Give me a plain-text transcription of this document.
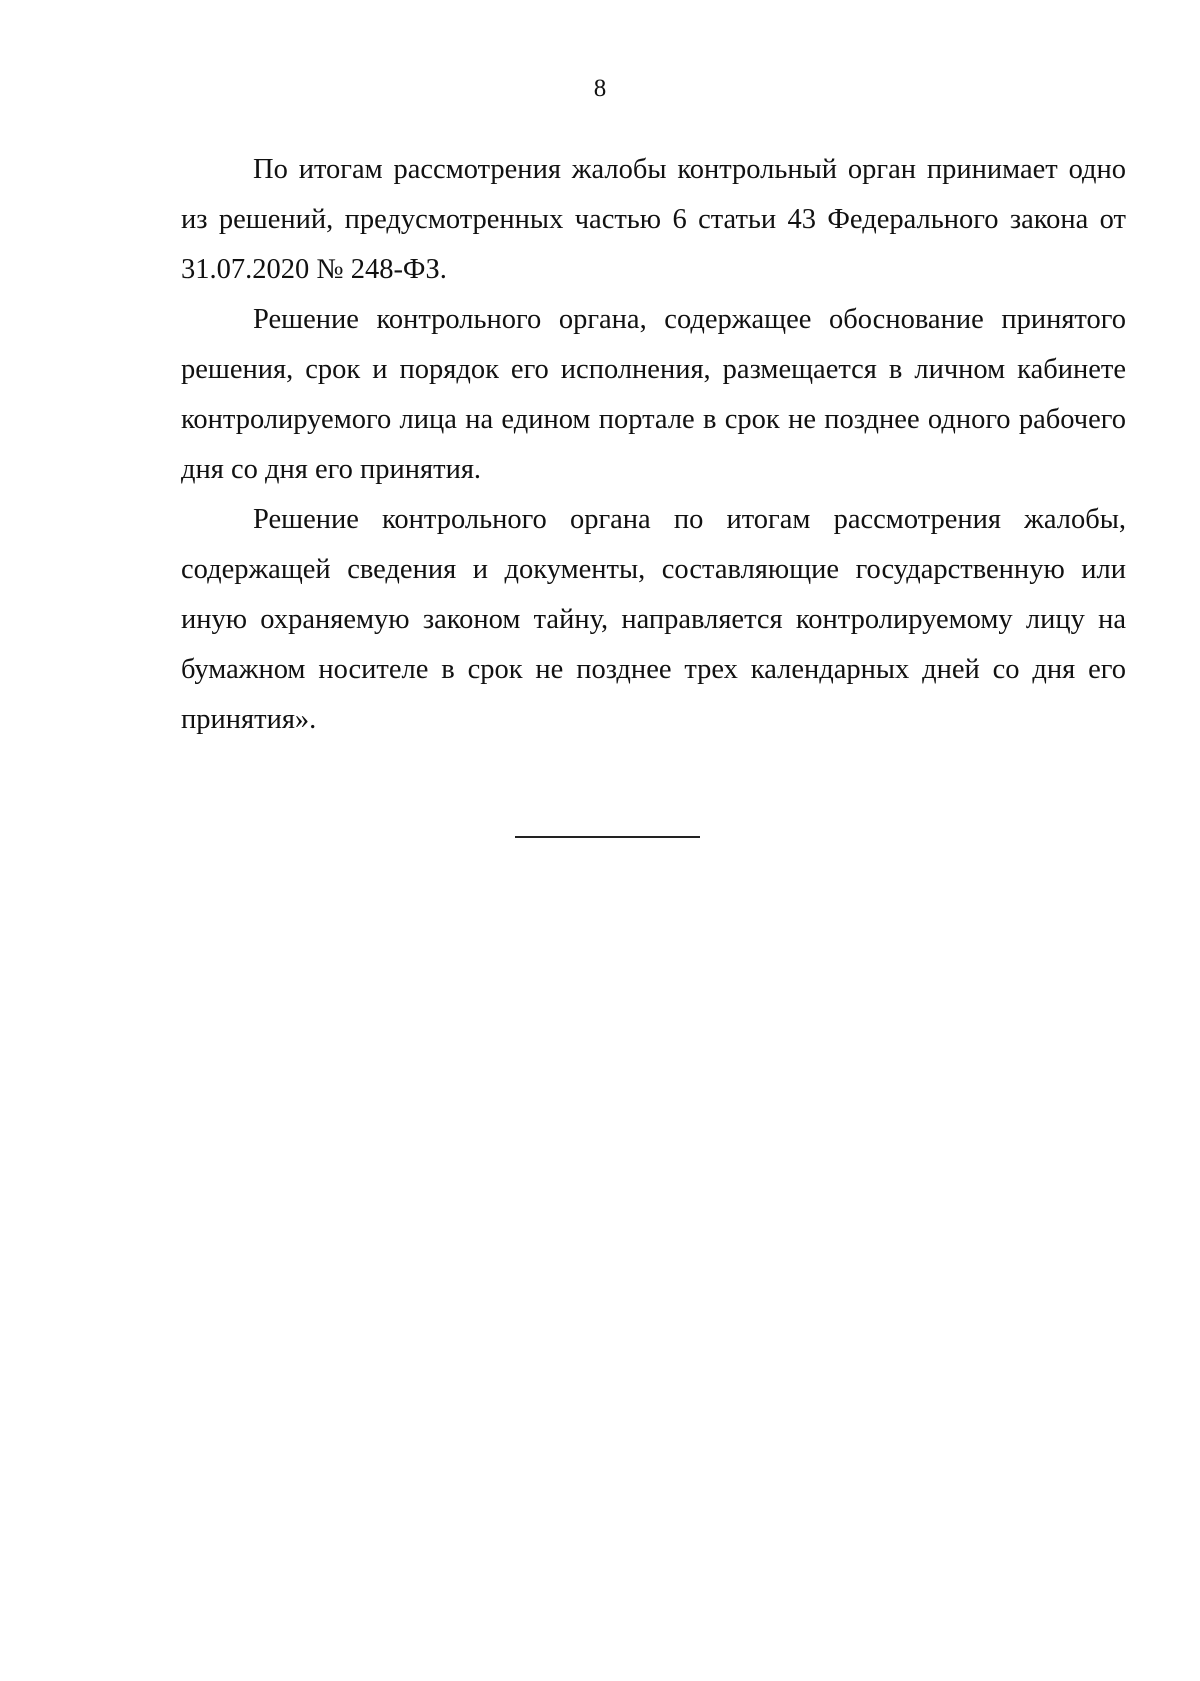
8

По итогам рассмотрения жалобы контрольный орган принимает одно из решений, предусмотренных частью 6 статьи 43 Федерального закона от 31.07.2020 № 248-ФЗ.

Решение контрольного органа, содержащее обоснование принятого решения, срок и порядок его исполнения, размещается в личном кабинете контролируемого лица на едином портале в срок не позднее одного рабочего дня со дня его принятия.

Решение контрольного органа по итогам рассмотрения жалобы, содержащей сведения и документы, составляющие государственную или иную охраняемую законом тайну, направляется контролируемому лицу на бумажном носителе в срок не позднее трех календарных дней со дня его принятия».
